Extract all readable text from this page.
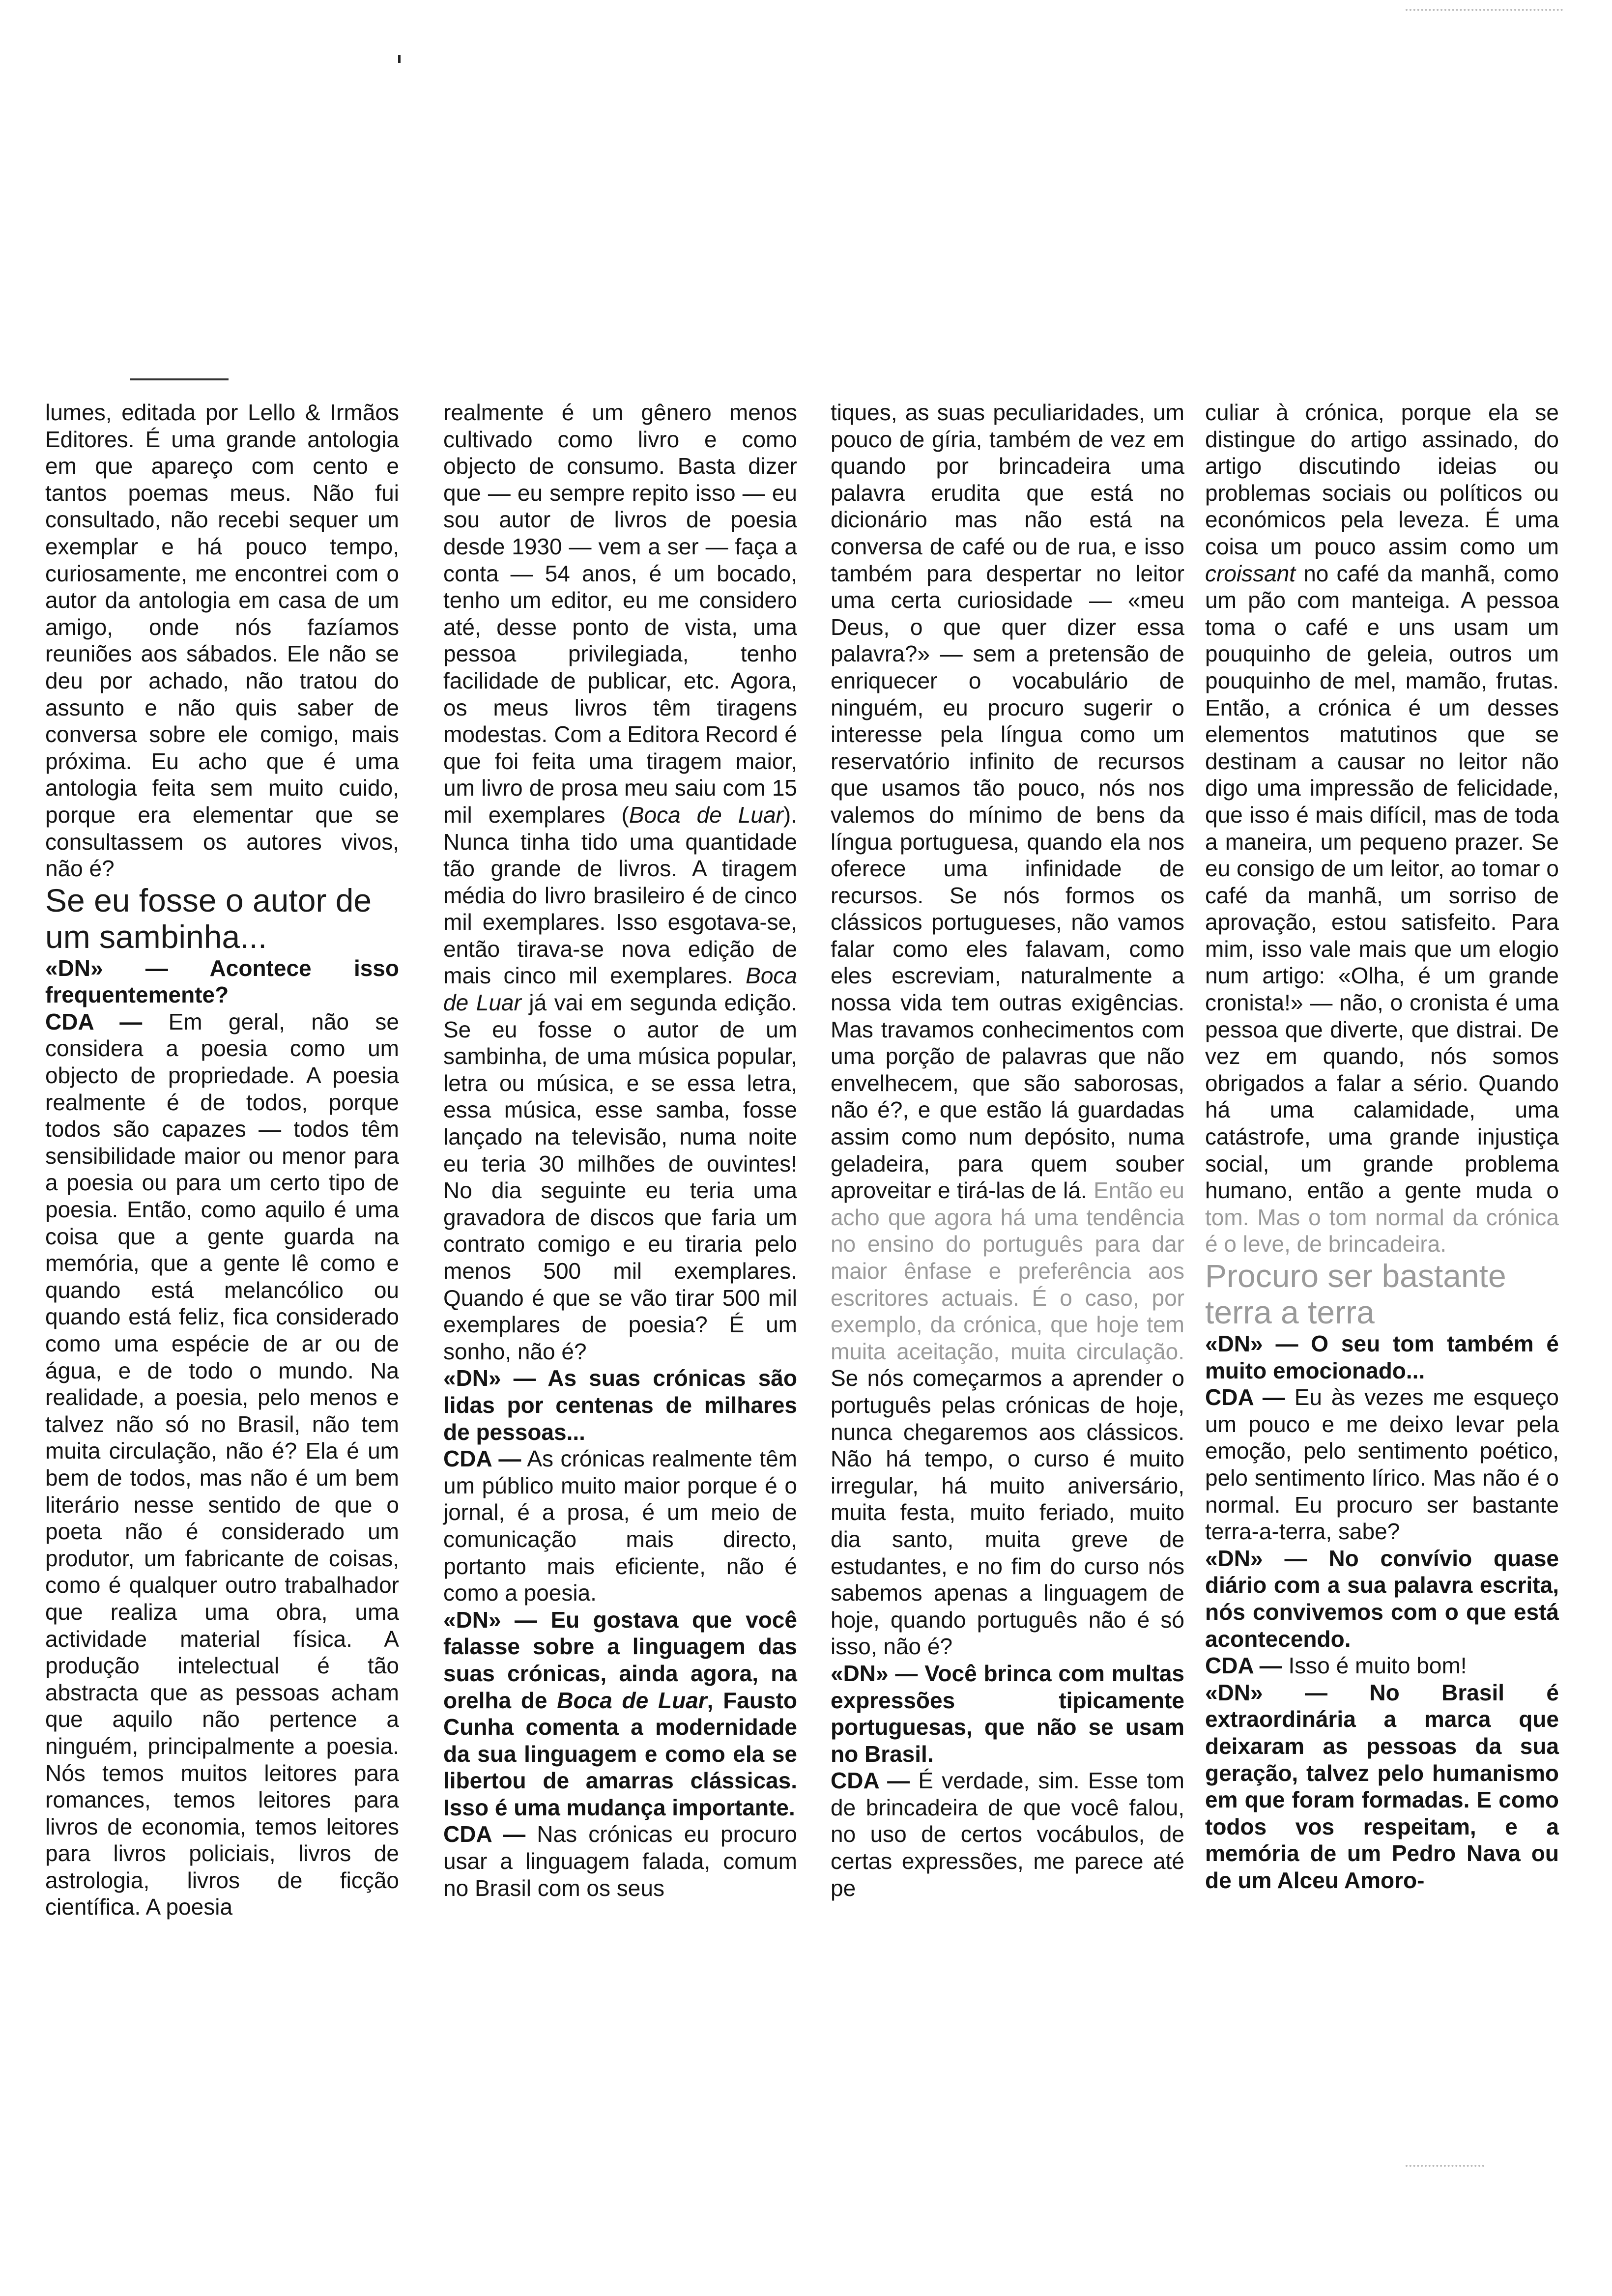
lumes, editada por Lello & Irmãos Editores. É uma grande antologia em que apareço com cento e tantos poemas meus. Não fui consultado, não recebi sequer um exemplar e há pouco tempo, curiosamente, me encontrei com o autor da antologia em casa de um amigo, onde nós fazíamos reuniões aos sábados. Ele não se deu por achado, não tratou do assunto e não quis saber de conversa sobre ele comigo, mais próxima. Eu acho que é uma antologia feita sem muito cuido, porque era elementar que se consultassem os autores vivos, não é?

Se eu fosse o autor de um sambinha...

«DN» — Acontece isso frequentemente?

CDA — Em geral, não se considera a poesia como um objecto de propriedade. A poesia realmente é de todos, porque todos são capazes — todos têm sensibilidade maior ou menor para a poesia ou para um certo tipo de poesia. Então, como aquilo é uma coisa que a gente guarda na memória, que a gente lê como e quando está melancólico ou quando está feliz, fica considerado como uma espécie de ar ou de água, e de todo o mundo. Na realidade, a poesia, pelo menos e talvez não só no Brasil, não tem muita circulação, não é? Ela é um bem de todos, mas não é um bem literário nesse sentido de que o poeta não é considerado um produtor, um fabricante de coisas, como é qualquer outro trabalhador que realiza uma obra, uma actividade material física. A produção intelectual é tão abstracta que as pessoas acham que aquilo não pertence a ninguém, principalmente a poesia. Nós temos muitos leitores para romances, temos leitores para livros de economia, temos leitores para livros policiais, livros de astrologia, livros de ficção científica. A poesia

realmente é um gênero menos cultivado como livro e como objecto de consumo. Basta dizer que — eu sempre repito isso — eu sou autor de livros de poesia desde 1930 — vem a ser — faça a conta — 54 anos, é um bocado, tenho um editor, eu me considero até, desse ponto de vista, uma pessoa privilegiada, tenho facilidade de publicar, etc. Agora, os meus livros têm tiragens modestas. Com a Editora Record é que foi feita uma tiragem maior, um livro de prosa meu saiu com 15 mil exemplares (Boca de Luar). Nunca tinha tido uma quantidade tão grande de livros. A tiragem média do livro brasileiro é de cinco mil exemplares. Isso esgotava-se, então tirava-se nova edição de mais cinco mil exemplares. Boca de Luar já vai em segunda edição. Se eu fosse o autor de um sambinha, de uma música popular, letra ou música, e se essa letra, essa música, esse samba, fosse lançado na televisão, numa noite eu teria 30 milhões de ouvintes! No dia seguinte eu teria uma gravadora de discos que faria um contrato comigo e eu tiraria pelo menos 500 mil exemplares. Quando é que se vão tirar 500 mil exemplares de poesia? É um sonho, não é?

«DN» — As suas crónicas são lidas por centenas de milhares de pessoas...

CDA — As crónicas realmente têm um público muito maior porque é o jornal, é a prosa, é um meio de comunicação mais directo, portanto mais eficiente, não é como a poesia.

«DN» — Eu gostava que você falasse sobre a linguagem das suas crónicas, ainda agora, na orelha de Boca de Luar, Fausto Cunha comenta a modernidade da sua linguagem e como ela se libertou de amarras clássicas. Isso é uma mudança importante.

CDA — Nas crónicas eu procuro usar a linguagem falada, comum no Brasil com os seus

tiques, as suas peculiaridades, um pouco de gíria, também de vez em quando por brincadeira uma palavra erudita que está no dicionário mas não está na conversa de café ou de rua, e isso também para despertar no leitor uma certa curiosidade — «meu Deus, o que quer dizer essa palavra?» — sem a pretensão de enriquecer o vocabulário de ninguém, eu procuro sugerir o interesse pela língua como um reservatório infinito de recursos que usamos tão pouco, nós nos valemos do mínimo de bens da língua portuguesa, quando ela nos oferece uma infinidade de recursos. Se nós formos os clássicos portugueses, não vamos falar como eles falavam, como eles escreviam, naturalmente a nossa vida tem outras exigências. Mas travamos conhecimentos com uma porção de palavras que não envelhecem, que são saborosas, não é?, e que estão lá guardadas assim como num depósito, numa geladeira, para quem souber aproveitar e tirá-las de lá. Então eu acho que agora há uma tendência no ensino do português para dar maior ênfase e preferência aos escritores actuais. É o caso, por exemplo, da crónica, que hoje tem muita aceitação, muita circulação. Se nós começarmos a aprender o português pelas crónicas de hoje, nunca chegaremos aos clássicos. Não há tempo, o curso é muito irregular, há muito aniversário, muita festa, muito feriado, muito dia santo, muita greve de estudantes, e no fim do curso nós sabemos apenas a linguagem de hoje, quando português não é só isso, não é?

«DN» — Você brinca com multas expressões tipicamente portuguesas, que não se usam no Brasil.

CDA — É verdade, sim. Esse tom de brincadeira de que você falou, no uso de certos vocábulos, de certas expressões, me parece até pe

culiar à crónica, porque ela se distingue do artigo assinado, do artigo discutindo ideias ou problemas sociais ou políticos ou económicos pela leveza. É uma coisa um pouco assim como um croissant no café da manhã, como um pão com manteiga. A pessoa toma o café e uns usam um pouquinho de geleia, outros um pouquinho de mel, mamão, frutas. Então, a crónica é um desses elementos matutinos que se destinam a causar no leitor não digo uma impressão de felicidade, que isso é mais difícil, mas de toda a maneira, um pequeno prazer. Se eu consigo de um leitor, ao tomar o café da manhã, um sorriso de aprovação, estou satisfeito. Para mim, isso vale mais que um elogio num artigo: «Olha, é um grande cronista!» — não, o cronista é uma pessoa que diverte, que distrai. De vez em quando, nós somos obrigados a falar a sério. Quando há uma calamidade, uma catástrofe, uma grande injustiça social, um grande problema humano, então a gente muda o tom. Mas o tom normal da crónica é o leve, de brincadeira.

Procuro ser bastante terra a terra

«DN» — O seu tom também é muito emocionado...

CDA — Eu às vezes me esqueço um pouco e me deixo levar pela emoção, pelo sentimento poético, pelo sentimento lírico. Mas não é o normal. Eu procuro ser bastante terra-a-terra, sabe?

«DN» — No convívio quase diário com a sua palavra escrita, nós convivemos com o que está acontecendo.

CDA — Isso é muito bom!

«DN» — No Brasil é extraordinária a marca que deixaram as pessoas da sua geração, talvez pelo humanismo em que foram formadas. E como todos vos respeitam, e a memória de um Pedro Nava ou de um Alceu Amoro-
